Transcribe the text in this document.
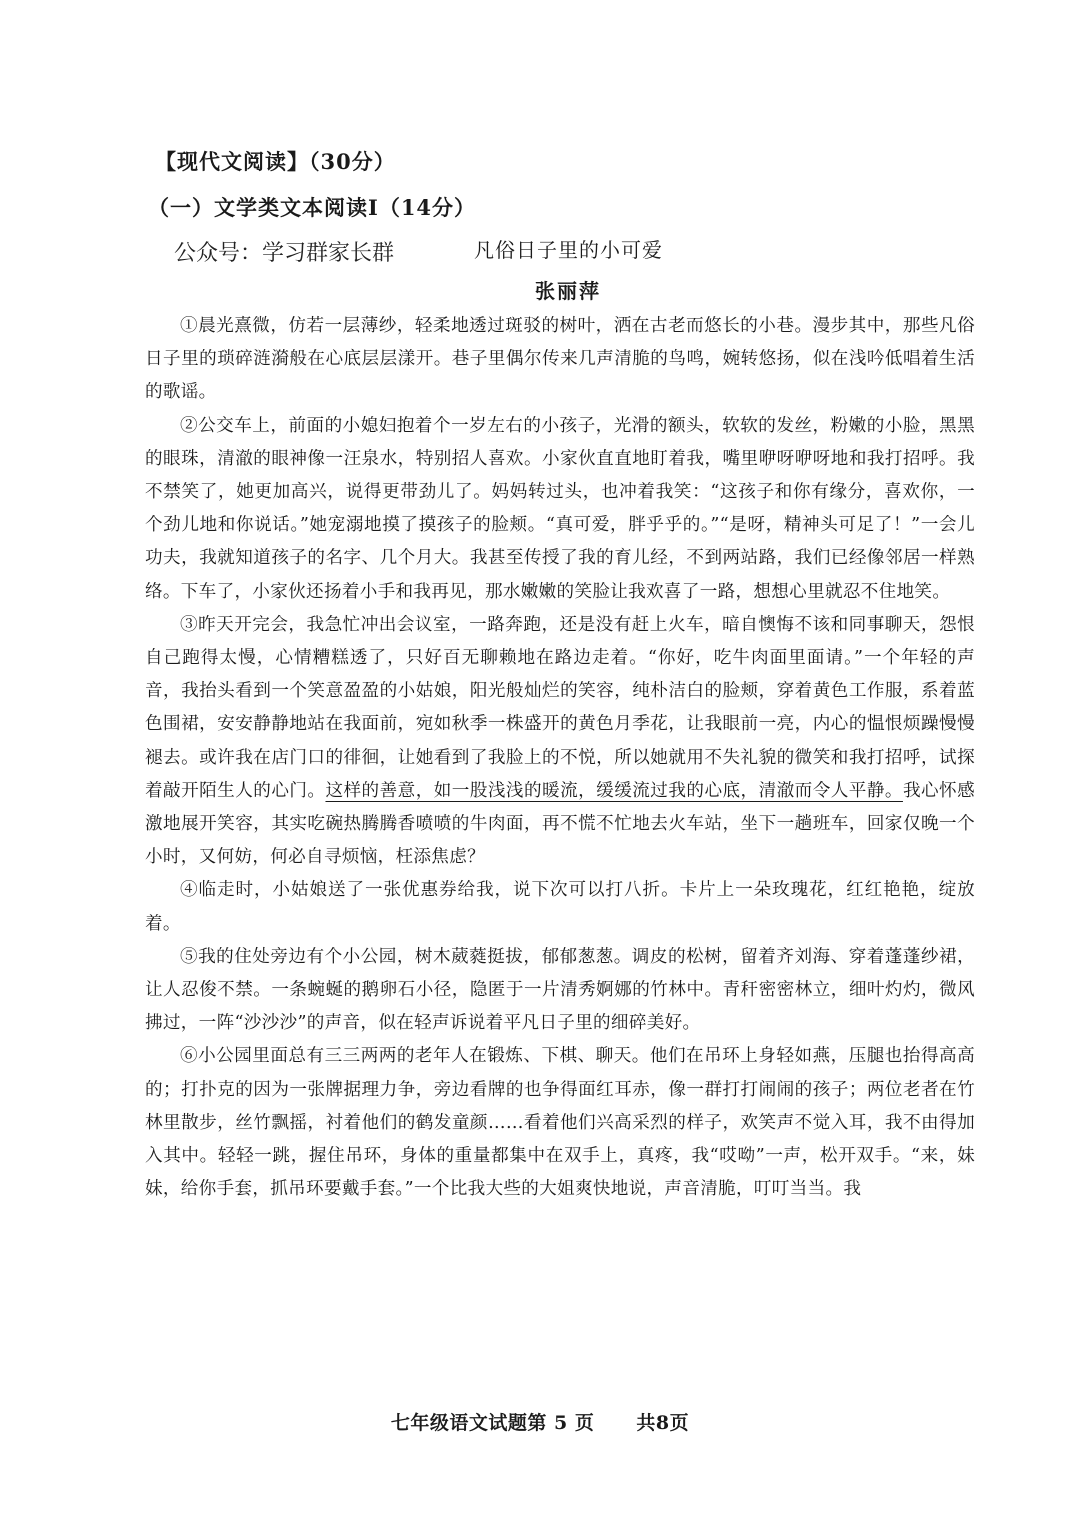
【现代文阅读】（30分）
（一）文学类文本阅读Ⅰ（14分）
公众号：学习群家长群	凡俗日子里的小可爱
张丽萍

①晨光熹微，仿若一层薄纱，轻柔地透过斑驳的树叶，洒在古老而悠长的小巷。漫步其中，那些凡俗日子里的琐碎涟漪般在心底层层漾开。巷子里偶尔传来几声清脆的鸟鸣，婉转悠扬，似在浅吟低唱着生活的歌谣。

②公交车上，前面的小媳妇抱着个一岁左右的小孩子，光滑的额头，软软的发丝，粉嫩的小脸，黑黑的眼珠，清澈的眼神像一汪泉水，特别招人喜欢。小家伙直直地盯着我，嘴里咿呀咿呀地和我打招呼。我不禁笑了，她更加高兴，说得更带劲儿了。妈妈转过头，也冲着我笑：“这孩子和你有缘分，喜欢你，一个劲儿地和你说话。”她宠溺地摸了摸孩子的脸颊。“真可爱，胖乎乎的。”“是呀，精神头可足了！”一会儿功夫，我就知道孩子的名字、几个月大。我甚至传授了我的育儿经，不到两站路，我们已经像邻居一样熟络。下车了，小家伙还扬着小手和我再见，那水嫩嫩的笑脸让我欢喜了一路，想想心里就忍不住地笑。

③昨天开完会，我急忙冲出会议室，一路奔跑，还是没有赶上火车，暗自懊悔不该和同事聊天，怨恨自己跑得太慢，心情糟糕透了，只好百无聊赖地在路边走着。“你好，吃牛肉面里面请。”一个年轻的声音，我抬头看到一个笑意盈盈的小姑娘，阳光般灿烂的笑容，纯朴洁白的脸颊，穿着黄色工作服，系着蓝色围裙，安安静静地站在我面前，宛如秋季一株盛开的黄色月季花，让我眼前一亮，内心的愠恨烦躁慢慢褪去。或许我在店门口的徘徊，让她看到了我脸上的不悦，所以她就用不失礼貌的微笑和我打招呼，试探着敲开陌生人的心门。这样的善意，如一股浅浅的暖流，缓缓流过我的心底，清澈而令人平静。我心怀感激地展开笑容，其实吃碗热腾腾香喷喷的牛肉面，再不慌不忙地去火车站，坐下一趟班车，回家仅晚一个小时，又何妨，何必自寻烦恼，枉添焦虑？

④临走时，小姑娘送了一张优惠券给我，说下次可以打八折。卡片上一朵玫瑰花，红红艳艳，绽放着。

⑤我的住处旁边有个小公园，树木葳蕤挺拔，郁郁葱葱。调皮的松树，留着齐刘海、穿着蓬蓬纱裙，让人忍俊不禁。一条蜿蜒的鹅卵石小径，隐匿于一片清秀婀娜的竹林中。青秆密密林立，细叶灼灼，微风拂过，一阵“沙沙沙”的声音，似在轻声诉说着平凡日子里的细碎美好。

⑥小公园里面总有三三两两的老年人在锻炼、下棋、聊天。他们在吊环上身轻如燕，压腿也抬得高高的；打扑克的因为一张牌据理力争，旁边看牌的也争得面红耳赤，像一群打打闹闹的孩子；两位老者在竹林里散步，丝竹飘摇，衬着他们的鹤发童颜……看着他们兴高采烈的样子，欢笑声不觉入耳，我不由得加入其中。轻轻一跳，握住吊环，身体的重量都集中在双手上，真疼，我“哎呦”一声，松开双手。“来，妹妹，给你手套，抓吊环要戴手套。”一个比我大些的大姐爽快地说，声音清脆，叮叮当当。我

七年级语文试题第 5 页 共8页
